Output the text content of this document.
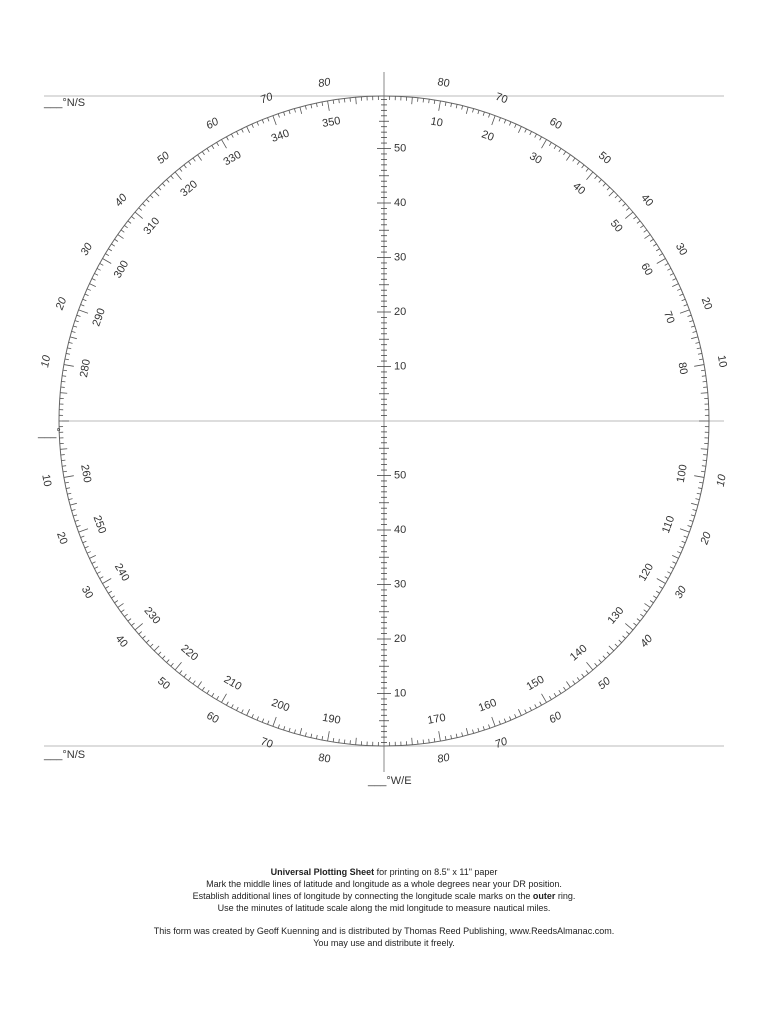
10
20
30
40
50
60
70
80
100
110
120
130
140
150
160
170
190
200
210
220
230
240
250
260
280
290
300
310
320
330
340
350
10
10
10
10
20
20
20
20
30
30
30
30
40
40
40
40
50
50
50
50
60
60
60
60
70
70
70
70
80
80
80
80
10
10
20
20
30
30
40
40
50
50
___°N/S
___°N/S
___°
___°W/E

Universal Plotting Sheet for printing on 8.5" x 11" paper

Mark the middle lines of latitude and longitude as a whole degrees near your DR position.

Establish additional lines of longitude by connecting the longitude scale marks on the outer ring.

Use the minutes of latitude scale along the mid longitude to measure nautical miles.

This form was created by Geoff Kuenning and is distributed by Thomas Reed Publishing, www.ReedsAlmanac.com.

You may use and distribute it freely.
